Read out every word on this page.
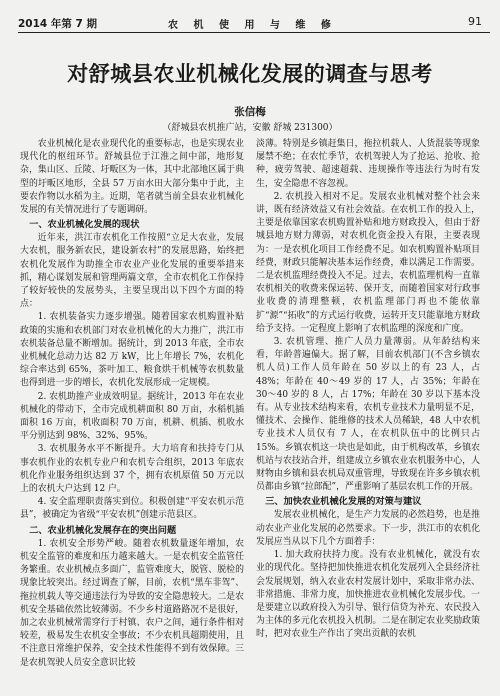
2014 年第 7 期	农 机 使 用 与 维 修	91
对舒城县农业机械化发展的调查与思考
张信梅
（舒城县农机推广站，安徽 舒城 231300）

农业机械化是农业现代化的重要标志，也是实现农业现代化的枢纽环节。舒城县位于江淮之间中部，地形复杂，集山区、丘陵、圩畈区为一体，其中北部地区属于典型的圩畈区地形，全县 57 万亩水田大部分集中于此，主要农作物以水稻为主。近期，笔者就当前全县农业机械化发展的有关情况进行了专题调研。

一、农业机械化发展的现状

近年来，洪江市农机化工作按照“立足大农业，发展大农机，服务新农民，建设新农村”的发展思路，始终把农机化发展作为助推全市农业产业化发展的重要举措来抓，精心谋划发展和管理两篇文章，全市农机化工作保持了较好较快的发展势头，主要呈现出以下四个方面的特点：

1. 农机装备实力逐步增强。随着国家农机购置补贴政策的实施和农机部门对农业机械化的大力推广，洪江市农机装备总量不断增加。据统计，到 2013 年底，全市农业机械化总动力达 82 万 kW，比上年增长 7%，农机化综合率达到 65%，茶叶加工、粮食烘干机械等农机数量也得到进一步的增长，农机化发展形成一定规模。

2. 农机助推产业成效明显。据统计，2013 年在农业机械化的带动下，全市完成机耕面积 80 万亩，水稻机插面积 16 万亩，机收面积 70 万亩，机耕、机插、机收水平分别达到 98%、32%、95%。

3. 农机服务水平不断提升。大力培育和扶持专门从事农机作业的农机专业户和农机专合组织，2013 年底农机化作业服务组织达到 37 个，拥有农机原值 50 万元以上的农机大户达到 12 户。

4. 安全监理职责落实到位。积极创建“平安农机示范县”，被确定为省级“平安农机”创建示范县区。

二、农业机械化发展存在的突出问题

1. 农机安全形势严峻。随着农机数量逐年增加，农机安全监管的难度和压力越来越大。一是农机安全监管任务繁重。农业机械点多面广，监管难度大，脱管、脱检的现象比较突出。经过调查了解，目前，农机“黑车非驾”、拖拉机载人等交通违法行为导致的安全隐患较大。二是农机安全基础依然比较薄弱。不少乡村道路路况不是很好，加之农业机械常需穿行于村镇、农户之间，通行条件相对较差，极易发生农机安全事故；不少农机具超期使用，且不注意日常维护保养，安全技术性能得不到有效保障。三是农机驾驶人员安全意识比较

淡薄。特别是乡镇赶集日，拖拉机载人、人货混装等现象屡禁不绝；在农忙季节，农机驾驶人为了抢运、抢收、抢种，疲劳驾驶、超速超载、违规操作等违法行为时有发生，安全隐患不容忽视。

2. 农机投入相对不足。发展农业机械对整个社会来讲，既有经济效益又有社会效益。在农机工作的投入上，主要是依靠国家农机购置补贴和地方财政投入，但由于舒城县地方财力薄弱，对农机化资金投入有限，主要表现为：一是农机化项目工作经费不足。如农机购置补贴项目经费，财政只能解决基本运作经费，难以满足工作需要。二是农机监理经费投入不足。过去，农机监理机构一直靠农机相关的收费来保运转、保开支，而随着国家对行政事业收费的清理整顿，农机监理部门再也不能依靠扩“源”“拓收”的方式运行收费，运转开支只能靠地方财政给予支持。一定程度上影响了农机监理的深度和广度。

3. 农机管理、推广人员力量薄弱。从年龄结构来看，年龄普遍偏大。据了解，目前农机部门(不含乡镇农机人员)工作人员年龄在 50 岁以上的有 23 人，占 48%；年龄在 40～49 岁的 17 人，占 35%；年龄在 30～40 岁的 8 人，占 17%；年龄在 30 岁以下基本没有。从专业技术结构来看，农机专业技术力量明显不足，懂技术、会操作、能维修的技术人员稀缺，48 人中农机专业技术人员仅有 7 人，在农机队伍中的比例只占 15%。乡镇农机这一块也是如此，由于机构改革，乡镇农机站与农技站合并，组建成立乡镇农业农机服务中心，人财物由乡镇和县农机局双重管理，导致现在许多乡镇农机员都由乡镇“拉郎配”，严重影响了基层农机工作的开展。

三、加快农业机械化发展的对策与建议

发展农业机械化，是生产力发展的必然趋势，也是推动农业产业化发展的必然要求。下一步，洪江市的农机化发展应当从以下几个方面着手：

1. 加大政府扶持力度。没有农业机械化，就没有农业的现代化。坚持把加快推进农机化发展列入全县经济社会发展规划，纳入农业农村发展计划中，采取非常办法、非常措施、非常力度，加快推进农业机械化发展步伐。一是要建立以政府投入为引导、银行信贷为补充、农民投入为主体的多元化农机投入机制。二是在制定农业奖励政策时，把对农业生产作出了突出贡献的农机
